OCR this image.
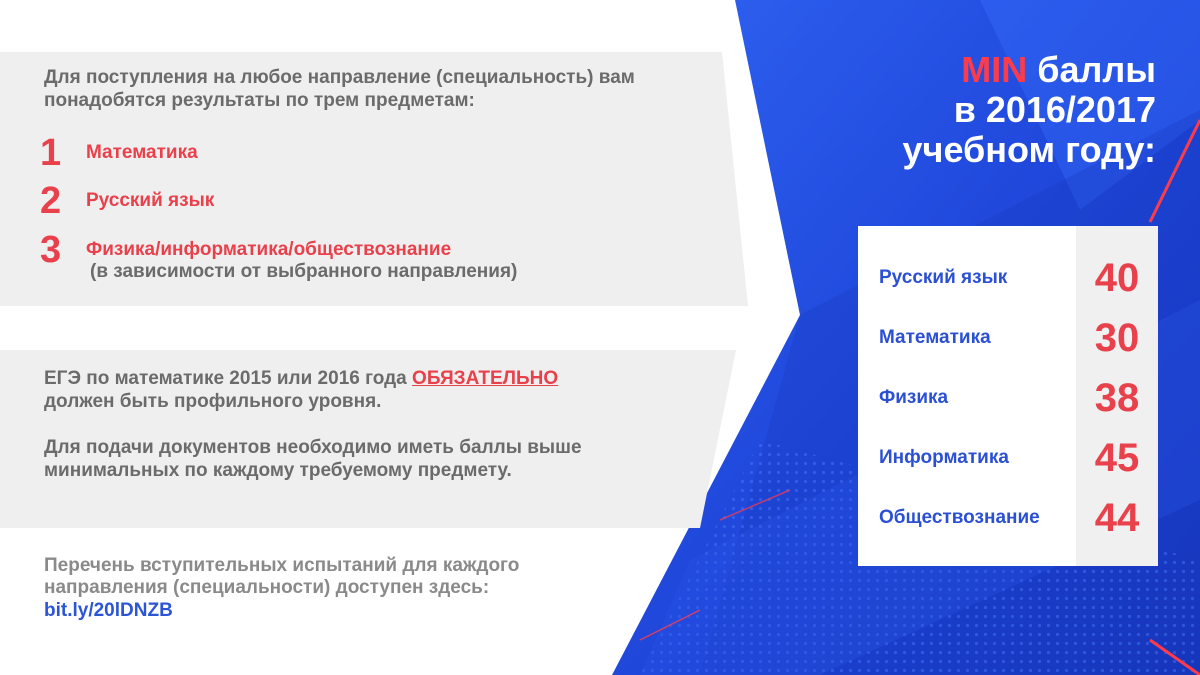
Для поступления на любое направление (специальность) вам понадобятся результаты по трем предметам:
1	Математика
2	Русский язык
3	Физика/информатика/обществознание
(в зависимости от выбранного направления)
ЕГЭ по математике 2015 или 2016 года ОБЯЗАТЕЛЬНО
должен быть профильного уровня.
Для подачи документов необходимо иметь баллы выше минимальных по каждому требуемому предмету.
Перечень вступительных испытаний для каждого направления (специальности) доступен здесь:
bit.ly/20lDNZB
MIN баллы
в 2016/2017
учебном году:
Русский язык	40
Математика	30
Физика	38
Информатика	45
Обществознание	44
